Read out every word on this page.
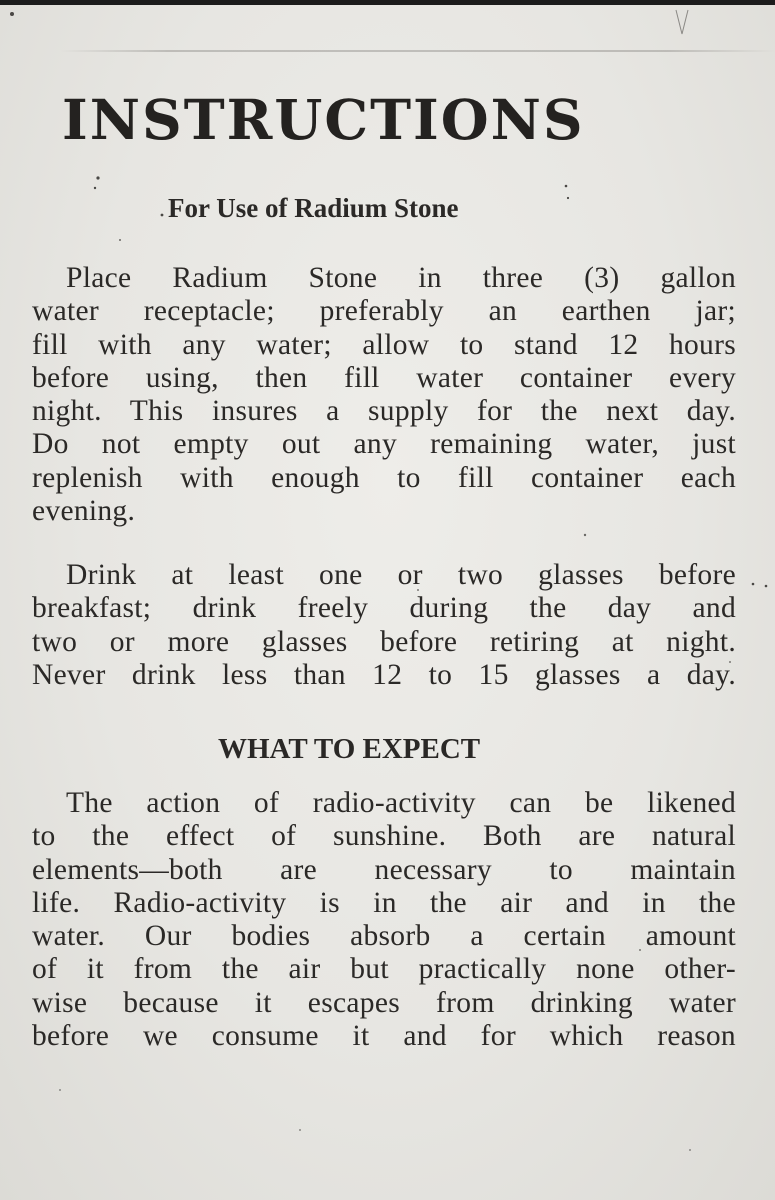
INSTRUCTIONS
For Use of Radium Stone

Place Radium Stone in three (3) gallon
water receptacle; preferably an earthen jar;
fill with any water; allow to stand 12 hours
before using, then fill water container every
night. This insures a supply for the next day.
Do not empty out any remaining water, just
replenish with enough to fill container each
evening.

Drink at least one or two glasses before
breakfast; drink freely during the day and
two or more glasses before retiring at night.
Never drink less than 12 to 15 glasses a day.

WHAT TO EXPECT

The action of radio-activity can be likened
to the effect of sunshine. Both are natural
elements—both are necessary to maintain
life. Radio-activity is in the air and in the
water. Our bodies absorb a certain amount
of it from the air but practically none other-
wise because it escapes from drinking water
before we consume it and for which reason
